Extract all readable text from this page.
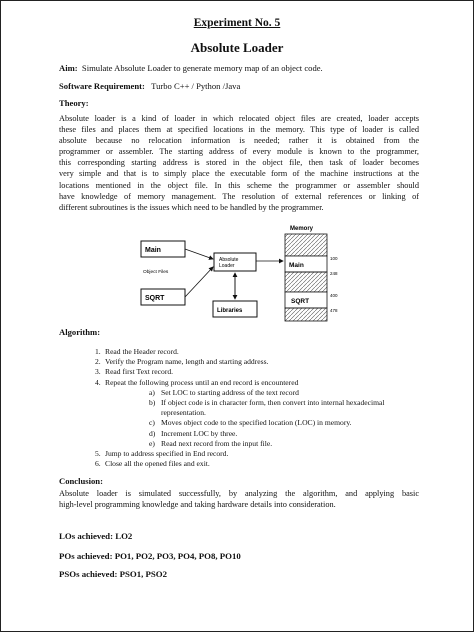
Experiment No. 5
Absolute Loader
Aim: Simulate Absolute Loader to generate memory map of an object code.
Software Requirement: Turbo C++ / Python /Java
Theory:
Absolute loader is a kind of loader in which relocated object files are created, loader accepts
these files and places them at specified locations in the memory. This type of loader is called
absolute because no relocation information is needed; rather it is obtained from the
programmer or assembler. The starting address of every module is known to the programmer,
this corresponding starting address is stored in the object file, then task of loader becomes
very simple and that is to simply place the executable form of the machine instructions at the
locations mentioned in the object file. In this scheme the programmer or assembler should
have knowledge of memory management. The resolution of external references or linking of
different subroutines is the issues which need to be handled by the programmer.
Main
Object Files
SQRT
Absolute
Loader
Libraries
Memory
Main
SQRT
100
248
400
478
Algorithm:
1. Read the Header record.
2. Verify the Program name, length and starting address.
3. Read first Text record.
4. Repeat the following process until an end record is encountered
a) Set LOC to starting address of the text record
b) If object code is in character form, then convert into internal hexadecimal
representation.
c) Moves object code to the specified location (LOC) in memory.
d) Increment LOC by three.
e) Read next record from the input file.
5. Jump to address specified in End record.
6. Close all the opened files and exit.
Conclusion:
Absolute loader is simulated successfully, by analyzing the algorithm, and applying basic
high-level programming knowledge and taking hardware details into consideration.
LOs achieved: LO2
POs achieved: PO1, PO2, PO3, PO4, PO8, PO10
PSOs achieved: PSO1, PSO2
